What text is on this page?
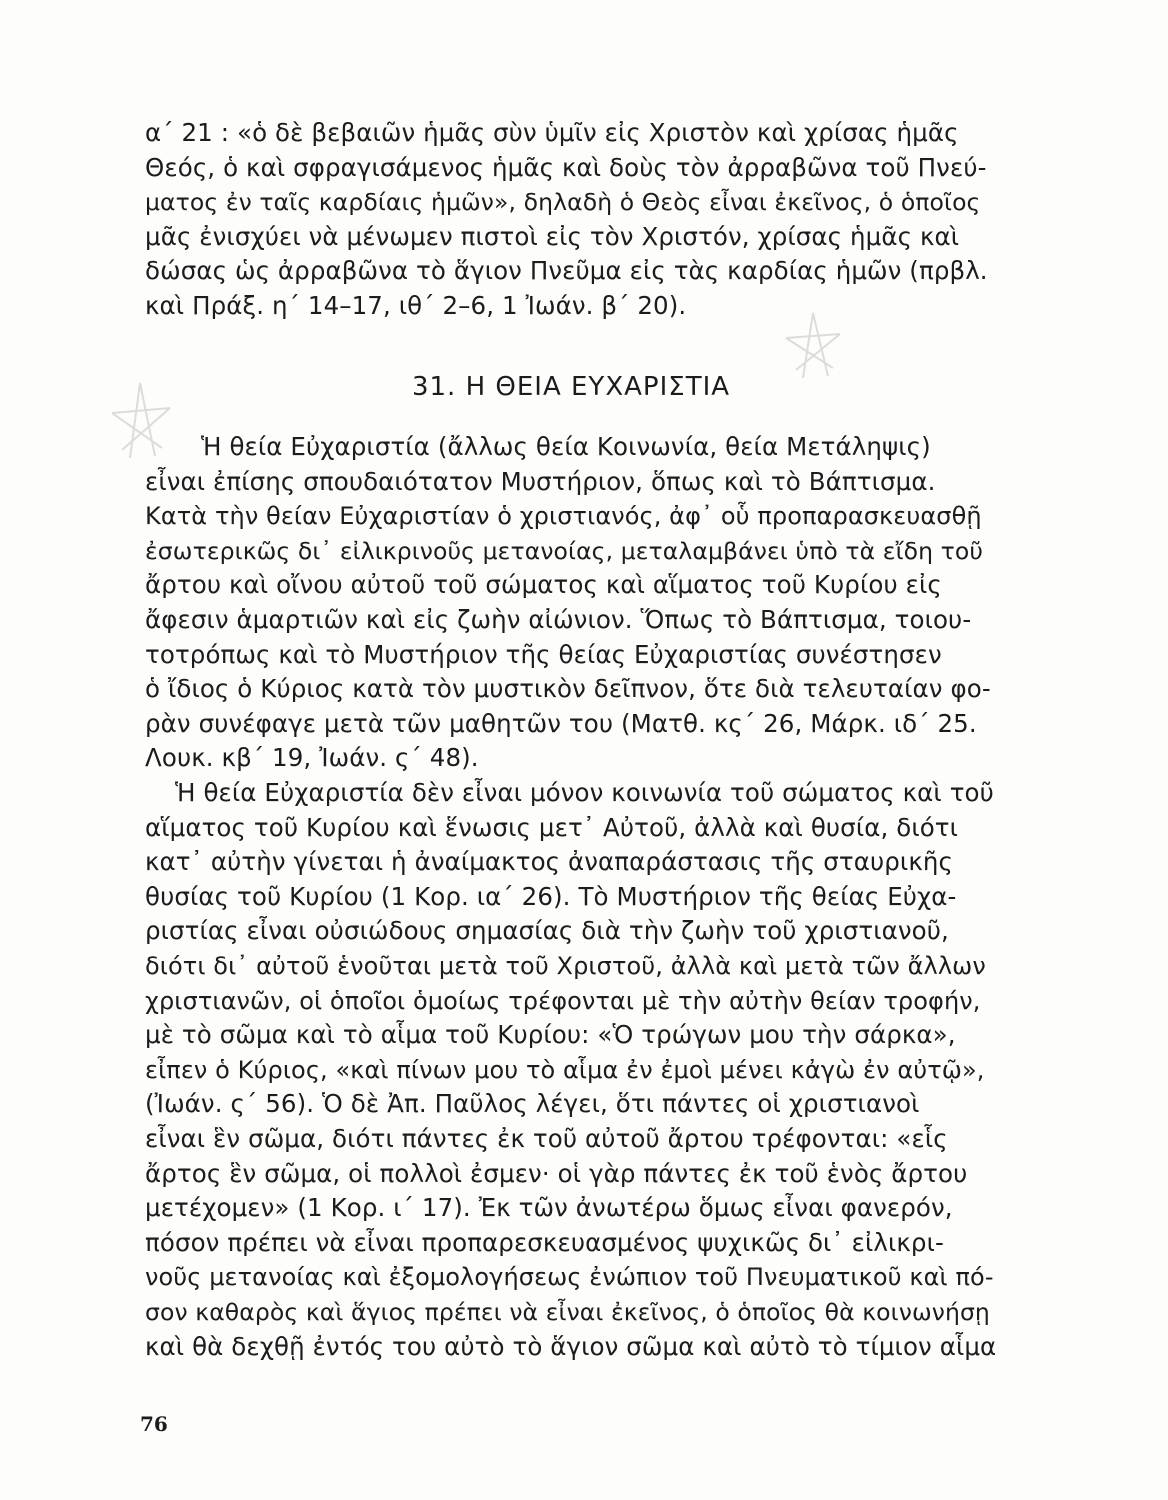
α΄ 21 : «ὁ δὲ βεβαιῶν ἡμᾶς σὺν ὑμῖν εἰς Χριστὸν καὶ χρίσας ἡμᾶς
Θεός, ὁ καὶ σφραγισάμενος ἡμᾶς καὶ δοὺς τὸν ἀρραβῶνα τοῦ Πνεύ-
ματος ἐν ταῖς καρδίαις ἡμῶν», δηλαδὴ ὁ Θεὸς εἶναι ἐκεῖνος, ὁ ὁποῖος
μᾶς ἐνισχύει νὰ μένωμεν πιστοὶ εἰς τὸν Χριστόν, χρίσας ἡμᾶς καὶ
δώσας ὡς ἀρραβῶνα τὸ ἅγιον Πνεῦμα εἰς τὰς καρδίας ἡμῶν (πρβλ.
καὶ Πράξ. η΄ 14–17, ιθ΄ 2–6, 1 Ἰωάν. β΄ 20).

31. Η ΘΕΙΑ ΕΥΧΑΡΙΣΤΙΑ

Ἡ θεία Εὐχαριστία (ἄλλως θεία Κοινωνία, θεία Μετάληψις)
εἶναι ἐπίσης σπουδαιότατον Μυστήριον, ὅπως καὶ τὸ Βάπτισμα.
Κατὰ τὴν θείαν Εὐχαριστίαν ὁ χριστιανός, ἀφ᾿ οὗ προπαρασκευασθῇ
ἐσωτερικῶς δι᾿ εἰλικρινοῦς μετανοίας, μεταλαμβάνει ὑπὸ τὰ εἴδη τοῦ
ἄρτου καὶ οἴνου αὐτοῦ τοῦ σώματος καὶ αἵματος τοῦ Κυρίου εἰς
ἄφεσιν ἁμαρτιῶν καὶ εἰς ζωὴν αἰώνιον. Ὅπως τὸ Βάπτισμα, τοιου-
τοτρόπως καὶ τὸ Μυστήριον τῆς θείας Εὐχαριστίας συνέστησεν
ὁ ἴδιος ὁ Κύριος κατὰ τὸν μυστικὸν δεῖπνον, ὅτε διὰ τελευταίαν φο-
ρὰν συνέφαγε μετὰ τῶν μαθητῶν του (Ματθ. κς΄ 26, Μάρκ. ιδ΄ 25.
Λουκ. κβ΄ 19, Ἰωάν. ς΄ 48).

Ἡ θεία Εὐχαριστία δὲν εἶναι μόνον κοινωνία τοῦ σώματος καὶ τοῦ
αἵματος τοῦ Κυρίου καὶ ἕνωσις μετ᾿ Αὐτοῦ, ἀλλὰ καὶ θυσία, διότι
κατ᾿ αὐτὴν γίνεται ἡ ἀναίμακτος ἀναπαράστασις τῆς σταυρικῆς
θυσίας τοῦ Κυρίου (1 Κορ. ια΄ 26). Τὸ Μυστήριον τῆς θείας Εὐχα-
ριστίας εἶναι οὐσιώδους σημασίας διὰ τὴν ζωὴν τοῦ χριστιανοῦ,
διότι δι᾿ αὐτοῦ ἑνοῦται μετὰ τοῦ Χριστοῦ, ἀλλὰ καὶ μετὰ τῶν ἄλλων
χριστιανῶν, οἱ ὁποῖοι ὁμοίως τρέφονται μὲ τὴν αὐτὴν θείαν τροφήν,
μὲ τὸ σῶμα καὶ τὸ αἷμα τοῦ Κυρίου: «Ὁ τρώγων μου τὴν σάρκα»,
εἶπεν ὁ Κύριος, «καὶ πίνων μου τὸ αἷμα ἐν ἐμοὶ μένει κἀγὼ ἐν αὐτῷ»,
(Ἰωάν. ς΄ 56). Ὁ δὲ Ἀπ. Παῦλος λέγει, ὅτι πάντες οἱ χριστιανοὶ
εἶναι ἓν σῶμα, διότι πάντες ἐκ τοῦ αὐτοῦ ἄρτου τρέφονται: «εἷς
ἄρτος ἓν σῶμα, οἱ πολλοὶ ἐσμεν· οἱ γὰρ πάντες ἐκ τοῦ ἑνὸς ἄρτου
μετέχομεν» (1 Κορ. ι΄ 17). Ἐκ τῶν ἀνωτέρω ὅμως εἶναι φανερόν,
πόσον πρέπει νὰ εἶναι προπαρεσκευασμένος ψυχικῶς δι᾿ εἰλικρι-
νοῦς μετανοίας καὶ ἐξομολογήσεως ἐνώπιον τοῦ Πνευματικοῦ καὶ πό-
σον καθαρὸς καὶ ἅγιος πρέπει νὰ εἶναι ἐκεῖνος, ὁ ὁποῖος θὰ κοινωνήσῃ
καὶ θὰ δεχθῇ ἐντός του αὐτὸ τὸ ἅγιον σῶμα καὶ αὐτὸ τὸ τίμιον αἷμα

76
